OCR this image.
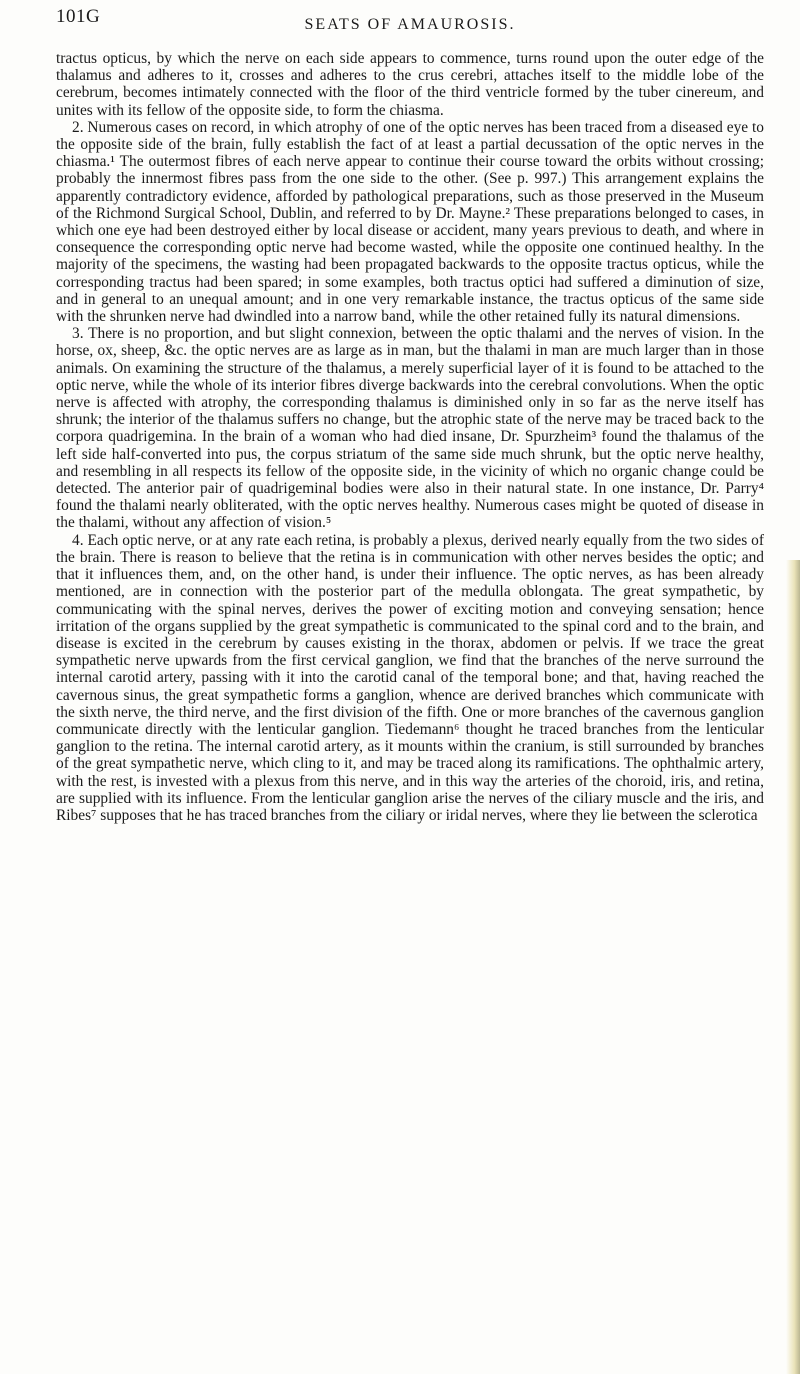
101G	SEATS OF AMAUROSIS.

tractus opticus, by which the nerve on each side appears to commence, turns round upon the outer edge of the thalamus and adheres to it, crosses and adheres to the crus cerebri, attaches itself to the middle lobe of the cerebrum, becomes intimately connected with the floor of the third ventricle formed by the tuber cinereum, and unites with its fellow of the opposite side, to form the chiasma.

2. Numerous cases on record, in which atrophy of one of the optic nerves has been traced from a diseased eye to the opposite side of the brain, fully establish the fact of at least a partial decussation of the optic nerves in the chiasma.¹ The outermost fibres of each nerve appear to continue their course toward the orbits without crossing; probably the innermost fibres pass from the one side to the other. (See p. 997.) This arrangement explains the apparently contradictory evidence, afforded by pathological preparations, such as those preserved in the Museum of the Richmond Surgical School, Dublin, and referred to by Dr. Mayne.² These preparations belonged to cases, in which one eye had been destroyed either by local disease or accident, many years previous to death, and where in consequence the corresponding optic nerve had become wasted, while the opposite one continued healthy. In the majority of the specimens, the wasting had been propagated backwards to the opposite tractus opticus, while the corresponding tractus had been spared; in some examples, both tractus optici had suffered a diminution of size, and in general to an unequal amount; and in one very remarkable instance, the tractus opticus of the same side with the shrunken nerve had dwindled into a narrow band, while the other retained fully its natural dimensions.

3. There is no proportion, and but slight connexion, between the optic thalami and the nerves of vision. In the horse, ox, sheep, &c. the optic nerves are as large as in man, but the thalami in man are much larger than in those animals. On examining the structure of the thalamus, a merely superficial layer of it is found to be attached to the optic nerve, while the whole of its interior fibres diverge backwards into the cerebral convolutions. When the optic nerve is affected with atrophy, the corresponding thalamus is diminished only in so far as the nerve itself has shrunk; the interior of the thalamus suffers no change, but the atrophic state of the nerve may be traced back to the corpora quadrigemina. In the brain of a woman who had died insane, Dr. Spurzheim³ found the thalamus of the left side half-converted into pus, the corpus striatum of the same side much shrunk, but the optic nerve healthy, and resembling in all respects its fellow of the opposite side, in the vicinity of which no organic change could be detected. The anterior pair of quadrigeminal bodies were also in their natural state. In one instance, Dr. Parry⁴ found the thalami nearly obliterated, with the optic nerves healthy. Numerous cases might be quoted of disease in the thalami, without any affection of vision.⁵

4. Each optic nerve, or at any rate each retina, is probably a plexus, derived nearly equally from the two sides of the brain. There is reason to believe that the retina is in communication with other nerves besides the optic; and that it influences them, and, on the other hand, is under their influence. The optic nerves, as has been already mentioned, are in connection with the posterior part of the medulla oblongata. The great sympathetic, by communicating with the spinal nerves, derives the power of exciting motion and conveying sensation; hence irritation of the organs supplied by the great sympathetic is communicated to the spinal cord and to the brain, and disease is excited in the cerebrum by causes existing in the thorax, abdomen or pelvis. If we trace the great sympathetic nerve upwards from the first cervical ganglion, we find that the branches of the nerve surround the internal carotid artery, passing with it into the carotid canal of the temporal bone; and that, having reached the cavernous sinus, the great sympathetic forms a ganglion, whence are derived branches which communicate with the sixth nerve, the third nerve, and the first division of the fifth. One or more branches of the cavernous ganglion communicate directly with the lenticular ganglion. Tiedemann⁶ thought he traced branches from the lenticular ganglion to the retina. The internal carotid artery, as it mounts within the cranium, is still surrounded by branches of the great sympathetic nerve, which cling to it, and may be traced along its ramifications. The ophthalmic artery, with the rest, is invested with a plexus from this nerve, and in this way the arteries of the choroid, iris, and retina, are supplied with its influence. From the lenticular ganglion arise the nerves of the ciliary muscle and the iris, and Ribes⁷ supposes that he has traced branches from the ciliary or iridal nerves, where they lie between the sclerotica
